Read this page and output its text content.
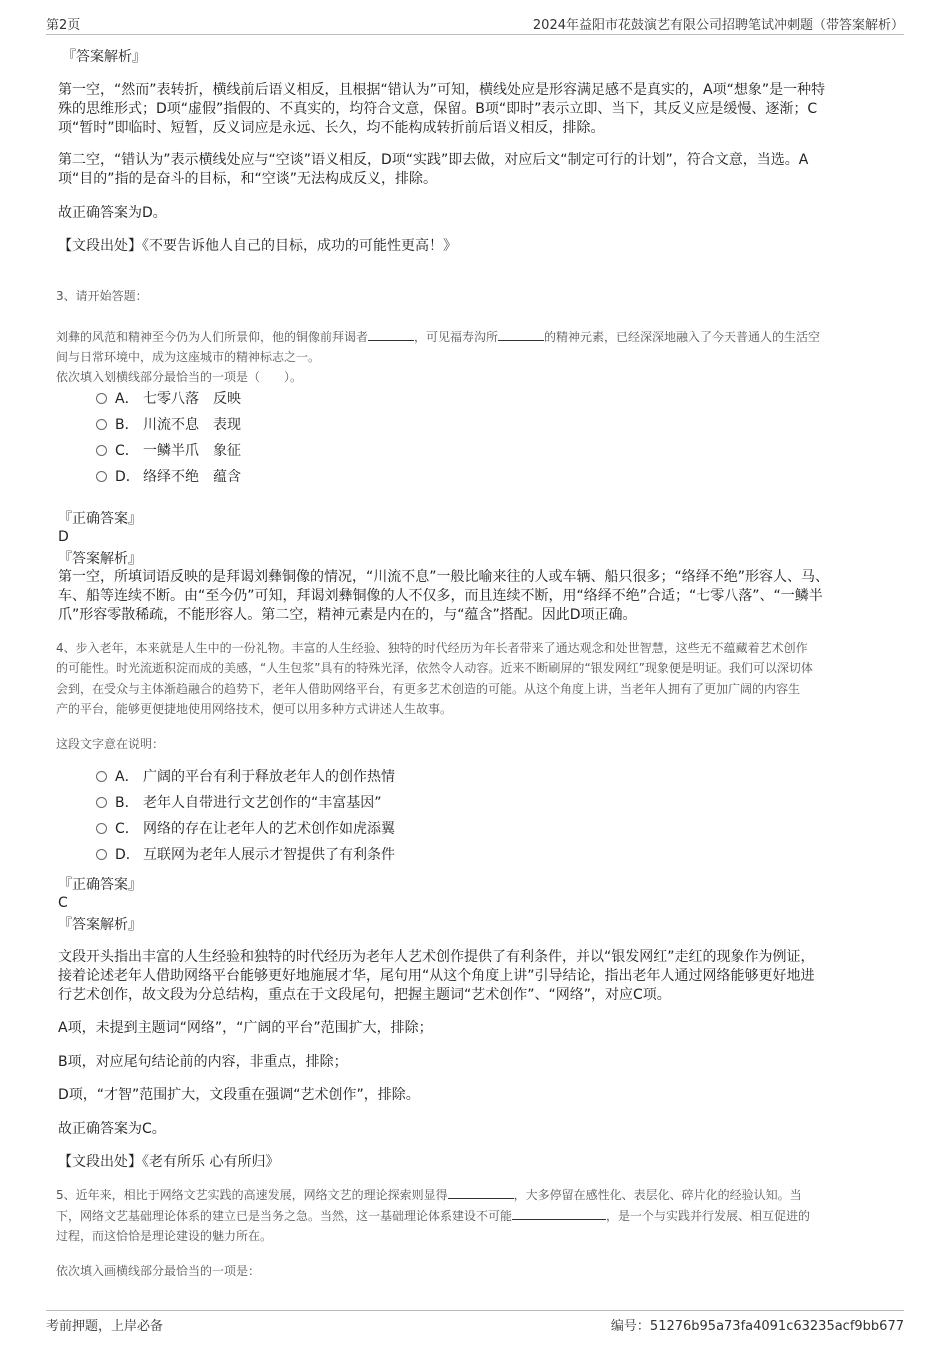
第2页	2024年益阳市花鼓演艺有限公司招聘笔试冲刺题（带答案解析）

『答案解析』

第一空，“然而”表转折，横线前后语义相反，且根据“错认为”可知，横线处应是形容满足感不是真实的，A项“想象”是一种特

殊的思维形式；D项“虚假”指假的、不真实的，均符合文意，保留。B项“即时”表示立即、当下，其反义应是缓慢、逐渐；C

项“暂时”即临时、短暂，反义词应是永远、长久，均不能构成转折前后语义相反，排除。

第二空，“错认为”表示横线处应与“空谈”语义相反，D项“实践”即去做，对应后文“制定可行的计划”，符合文意，当选。A

项“目的”指的是奋斗的目标，和“空谈”无法构成反义，排除。

故正确答案为D。

【文段出处】《不要告诉他人自己的目标，成功的可能性更高！》

3、请开始答题：

刘彝的风范和精神至今仍为人们所景仰，他的铜像前拜谒者	，可见福寿沟所	的精神元素，已经深深地融入了今天普通人的生活空

间与日常环境中，成为这座城市的精神标志之一。

依次填入划横线部分最恰当的一项是（　　）。

A． 七零八落　反映
B． 川流不息　表现
C． 一鳞半爪　象征
D． 络绎不绝　蕴含

『正确答案』

D

『答案解析』

第一空，所填词语反映的是拜谒刘彝铜像的情况，“川流不息”一般比喻来往的人或车辆、船只很多；“络绎不绝”形容人、马、

车、船等连续不断。由“至今仍”可知，拜谒刘彝铜像的人不仅多，而且连续不断，用“络绎不绝”合适；“七零八落”、“一鳞半

爪”形容零散稀疏，不能形容人。第二空，精神元素是内在的，与“蕴含”搭配。因此D项正确。

4、步入老年，本来就是人生中的一份礼物。丰富的人生经验、独特的时代经历为年长者带来了通达观念和处世智慧，这些无不蕴藏着艺术创作

的可能性。时光流逝积淀而成的美感，“人生包浆”具有的特殊光泽，依然令人动容。近来不断刷屏的“银发网红”现象便是明证。我们可以深切体

会到，在受众与主体渐趋融合的趋势下，老年人借助网络平台，有更多艺术创造的可能。从这个角度上讲，当老年人拥有了更加广阔的内容生

产的平台，能够更便捷地使用网络技术，便可以用多种方式讲述人生故事。

这段文字意在说明：

A． 广阔的平台有利于释放老年人的创作热情
B． 老年人自带进行文艺创作的“丰富基因”
C． 网络的存在让老年人的艺术创作如虎添翼
D． 互联网为老年人展示才智提供了有利条件

『正确答案』

C

『答案解析』

文段开头指出丰富的人生经验和独特的时代经历为老年人艺术创作提供了有利条件，并以“银发网红”走红的现象作为例证，

接着论述老年人借助网络平台能够更好地施展才华，尾句用“从这个角度上讲”引导结论，指出老年人通过网络能够更好地进

行艺术创作，故文段为分总结构，重点在于文段尾句，把握主题词“艺术创作”、“网络”，对应C项。

A项，未提到主题词“网络”，“广阔的平台”范围扩大，排除；

B项，对应尾句结论前的内容，非重点，排除；

D项，“才智”范围扩大，文段重在强调“艺术创作”，排除。

故正确答案为C。

【文段出处】《老有所乐 心有所归》

5、近年来，相比于网络文艺实践的高速发展，网络文艺的理论探索则显得	，大多停留在感性化、表层化、碎片化的经验认知。当

下，网络文艺基础理论体系的建立已是当务之急。当然，这一基础理论体系建设不可能	，是一个与实践并行发展、相互促进的

过程，而这恰恰是理论建设的魅力所在。

依次填入画横线部分最恰当的一项是：

考前押题，上岸必备	编号：51276b95a73fa4091c63235acf9bb677
